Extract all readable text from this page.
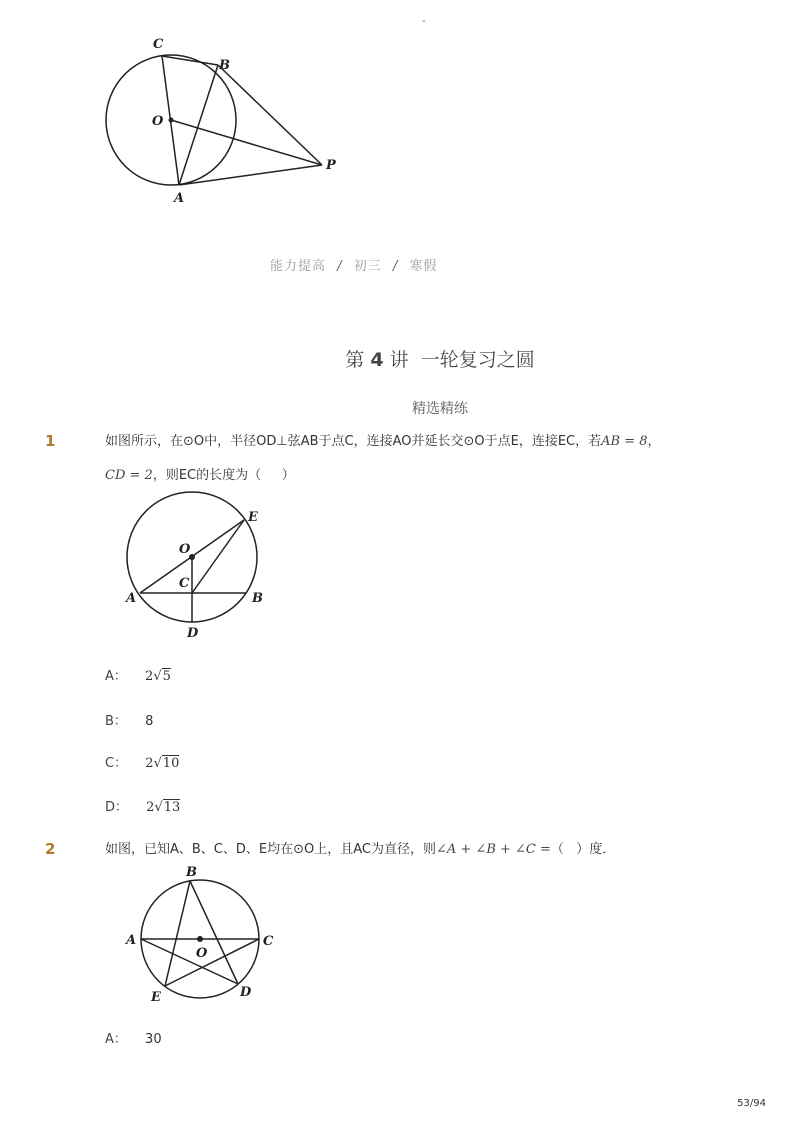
-
C
B
O
P
A
能力提高 / 初三 / 寒假
第 4 讲  一轮复习之圆
精选精练
1	如图所示，在⊙O中，半径OD⊥弦AB于点C，连接AO并延长交⊙O于点E，连接EC，若AB = 8，
CD = 2，则EC的长度为（     ）
O
E
C
A	B
D
A： 2√5
B： 8
C： 2√10
D： 2√13
2	如图，已知A、B、C、D、E均在⊙O上，且AC为直径，则∠A + ∠B + ∠C =（   ）度．
B
A	C
O
E	D
A： 30
53/94
